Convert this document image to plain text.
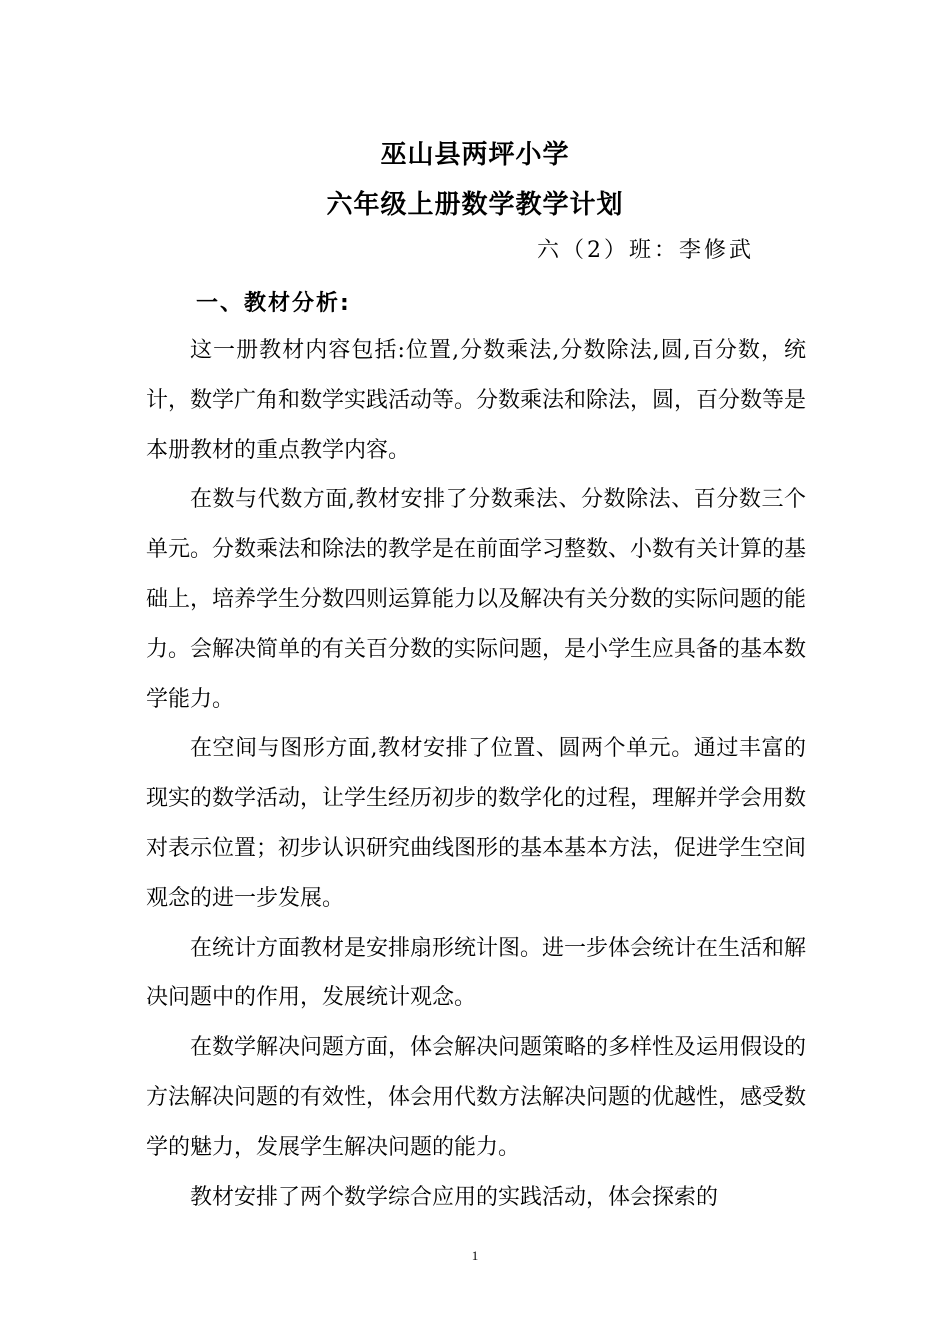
巫山县两坪小学
六年级上册数学教学计划
六（2）班：李修武
一、教材分析:

这一册教材内容包括:位置,分数乘法,分数除法,圆,百分数，统计，数学广角和数学实践活动等。分数乘法和除法，圆，百分数等是本册教材的重点教学内容。

在数与代数方面,教材安排了分数乘法、分数除法、百分数三个单元。分数乘法和除法的教学是在前面学习整数、小数有关计算的基础上，培养学生分数四则运算能力以及解决有关分数的实际问题的能力。会解决简单的有关百分数的实际问题，是小学生应具备的基本数学能力。

在空间与图形方面,教材安排了位置、圆两个单元。通过丰富的现实的数学活动，让学生经历初步的数学化的过程，理解并学会用数对表示位置；初步认识研究曲线图形的基本基本方法，促进学生空间观念的进一步发展。

在统计方面教材是安排扇形统计图。进一步体会统计在生活和解决问题中的作用，发展统计观念。

在数学解决问题方面，体会解决问题策略的多样性及运用假设的方法解决问题的有效性，体会用代数方法解决问题的优越性，感受数学的魅力，发展学生解决问题的能力。

教材安排了两个数学综合应用的实践活动，体会探索的

1
